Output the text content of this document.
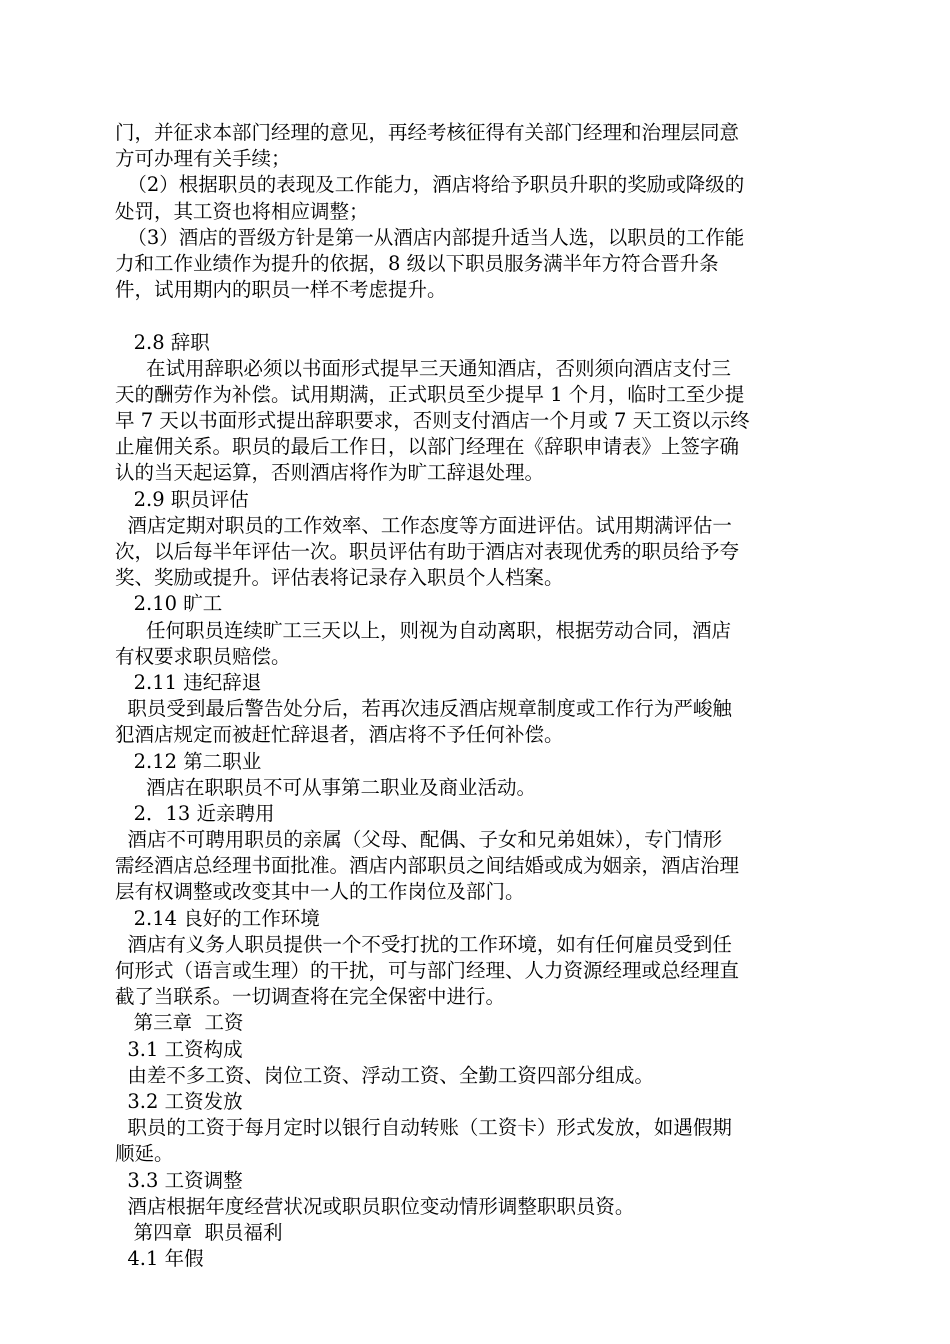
门，并征求本部门经理的意见，再经考核征得有关部门经理和治理层同意
方可办理有关手续；
（2）根据职员的表现及工作能力，酒店将给予职员升职的奖励或降级的
处罚，其工资也将相应调整；
（3）酒店的晋级方针是第一从酒店内部提升适当人选，以职员的工作能
力和工作业绩作为提升的依据，8 级以下职员服务满半年方符合晋升条
件，试用期内的职员一样不考虑提升。
2.8 辞职
在试用辞职必须以书面形式提早三天通知酒店，否则须向酒店支付三
天的酬劳作为补偿。试用期满，正式职员至少提早 1 个月，临时工至少提
早 7 天以书面形式提出辞职要求，否则支付酒店一个月或 7 天工资以示终
止雇佣关系。职员的最后工作日，以部门经理在《辞职申请表》上签字确
认的当天起运算，否则酒店将作为旷工辞退处理。
2.9 职员评估
酒店定期对职员的工作效率、工作态度等方面进评估。试用期满评估一
次，以后每半年评估一次。职员评估有助于酒店对表现优秀的职员给予夸
奖、奖励或提升。评估表将记录存入职员个人档案。
2.10 旷工
任何职员连续旷工三天以上，则视为自动离职，根据劳动合同，酒店
有权要求职员赔偿。
2.11 违纪辞退
职员受到最后警告处分后，若再次违反酒店规章制度或工作行为严峻触
犯酒店规定而被赶忙辞退者，酒店将不予任何补偿。
2.12 第二职业
酒店在职职员不可从事第二职业及商业活动。
2．13 近亲聘用
酒店不可聘用职员的亲属（父母、配偶、子女和兄弟姐妹），专门情形
需经酒店总经理书面批准。酒店内部职员之间结婚或成为姻亲，酒店治理
层有权调整或改变其中一人的工作岗位及部门。
2.14 良好的工作环境
酒店有义务人职员提供一个不受打扰的工作环境，如有任何雇员受到任
何形式（语言或生理）的干扰，可与部门经理、人力资源经理或总经理直
截了当联系。一切调查将在完全保密中进行。
第三章  工资
3.1 工资构成
由差不多工资、岗位工资、浮动工资、全勤工资四部分组成。
3.2 工资发放
职员的工资于每月定时以银行自动转账（工资卡）形式发放，如遇假期
顺延。
3.3 工资调整
酒店根据年度经营状况或职员职位变动情形调整职职员资。
第四章  职员福利
4.1 年假
